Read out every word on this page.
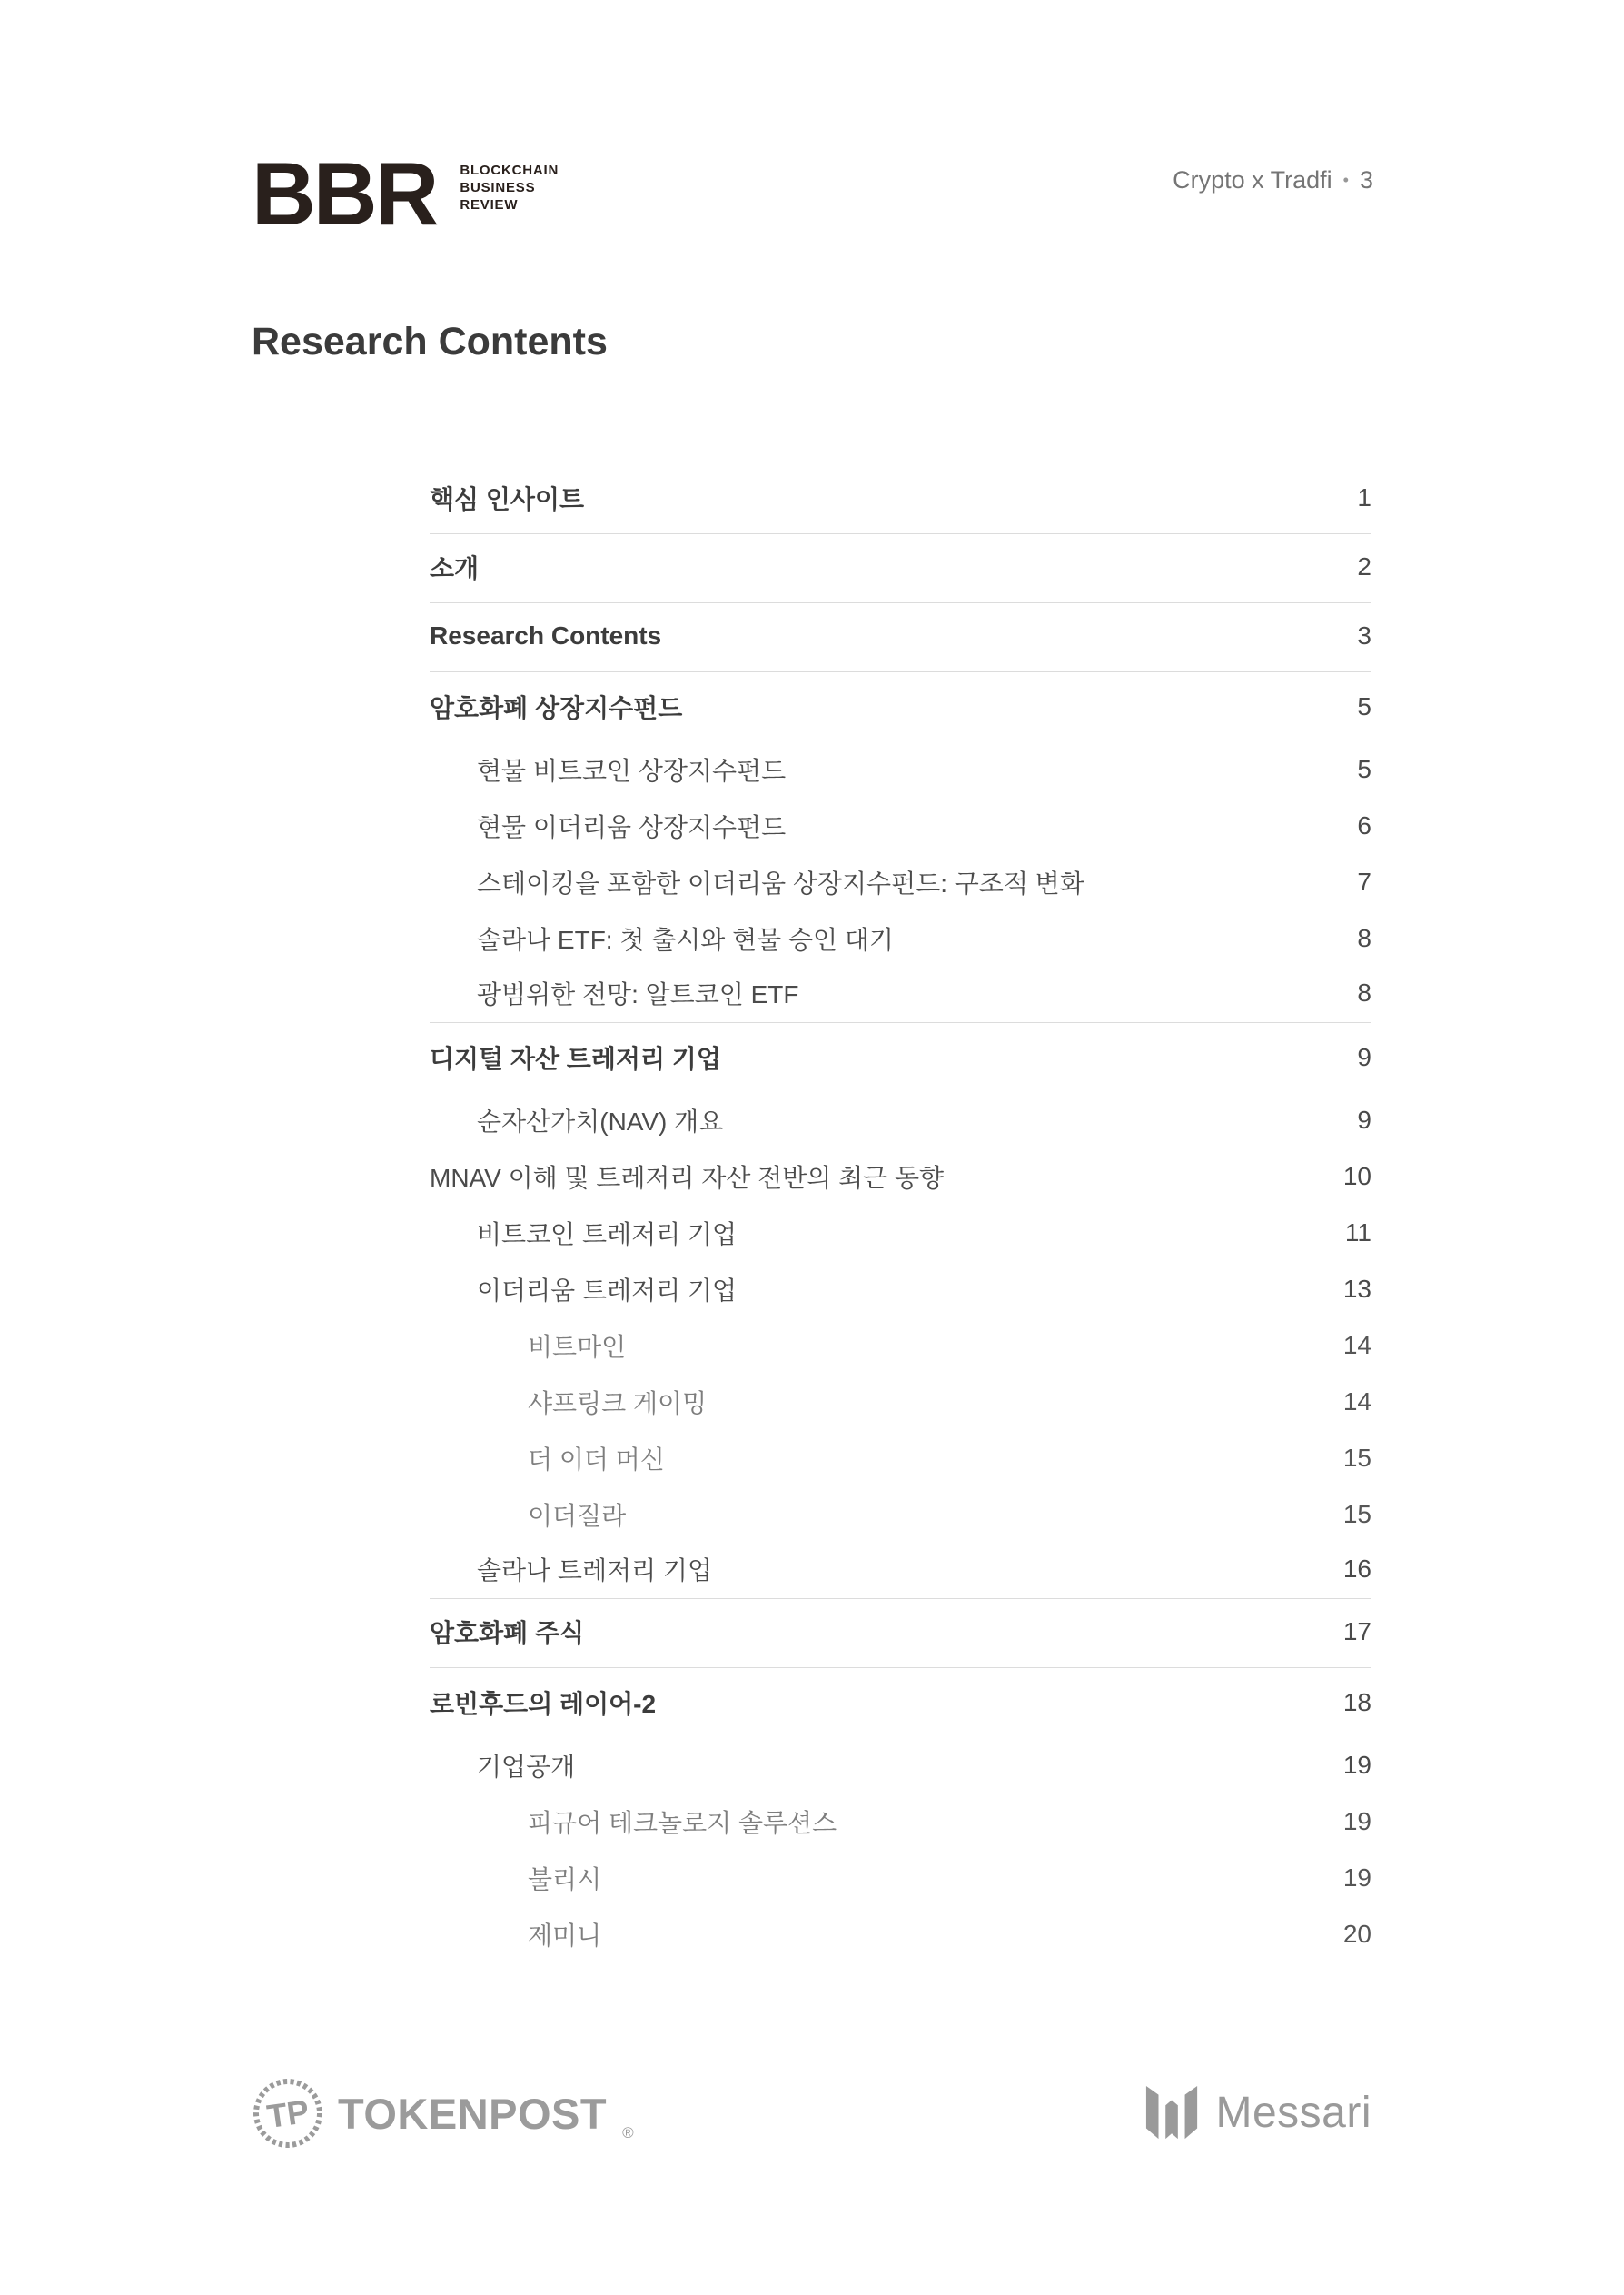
BBR BLOCKCHAIN
BUSINESS
REVIEW
Crypto x Tradfi • 3
Research Contents
핵심 인사이트	1
소개	2
Research Contents	3
암호화폐 상장지수펀드	5
현물 비트코인 상장지수펀드	5
현물 이더리움 상장지수펀드	6
스테이킹을 포함한 이더리움 상장지수펀드: 구조적 변화	7
솔라나 ETF: 첫 출시와 현물 승인 대기	8
광범위한 전망: 알트코인 ETF	8
디지털 자산 트레저리 기업	9
순자산가치(NAV) 개요	9
MNAV 이해 및 트레저리 자산 전반의 최근 동향	10
비트코인 트레저리 기업	11
이더리움 트레저리 기업	13
비트마인	14
샤프링크 게이밍	14
더 이더 머신	15
이더질라	15
솔라나 트레저리 기업	16
암호화폐 주식	17
로빈후드의 레이어-2	18
기업공개	19
피규어 테크놀로지 솔루션스	19
불리시	19
제미니	20
TP TOKENPOST ®	Messari
